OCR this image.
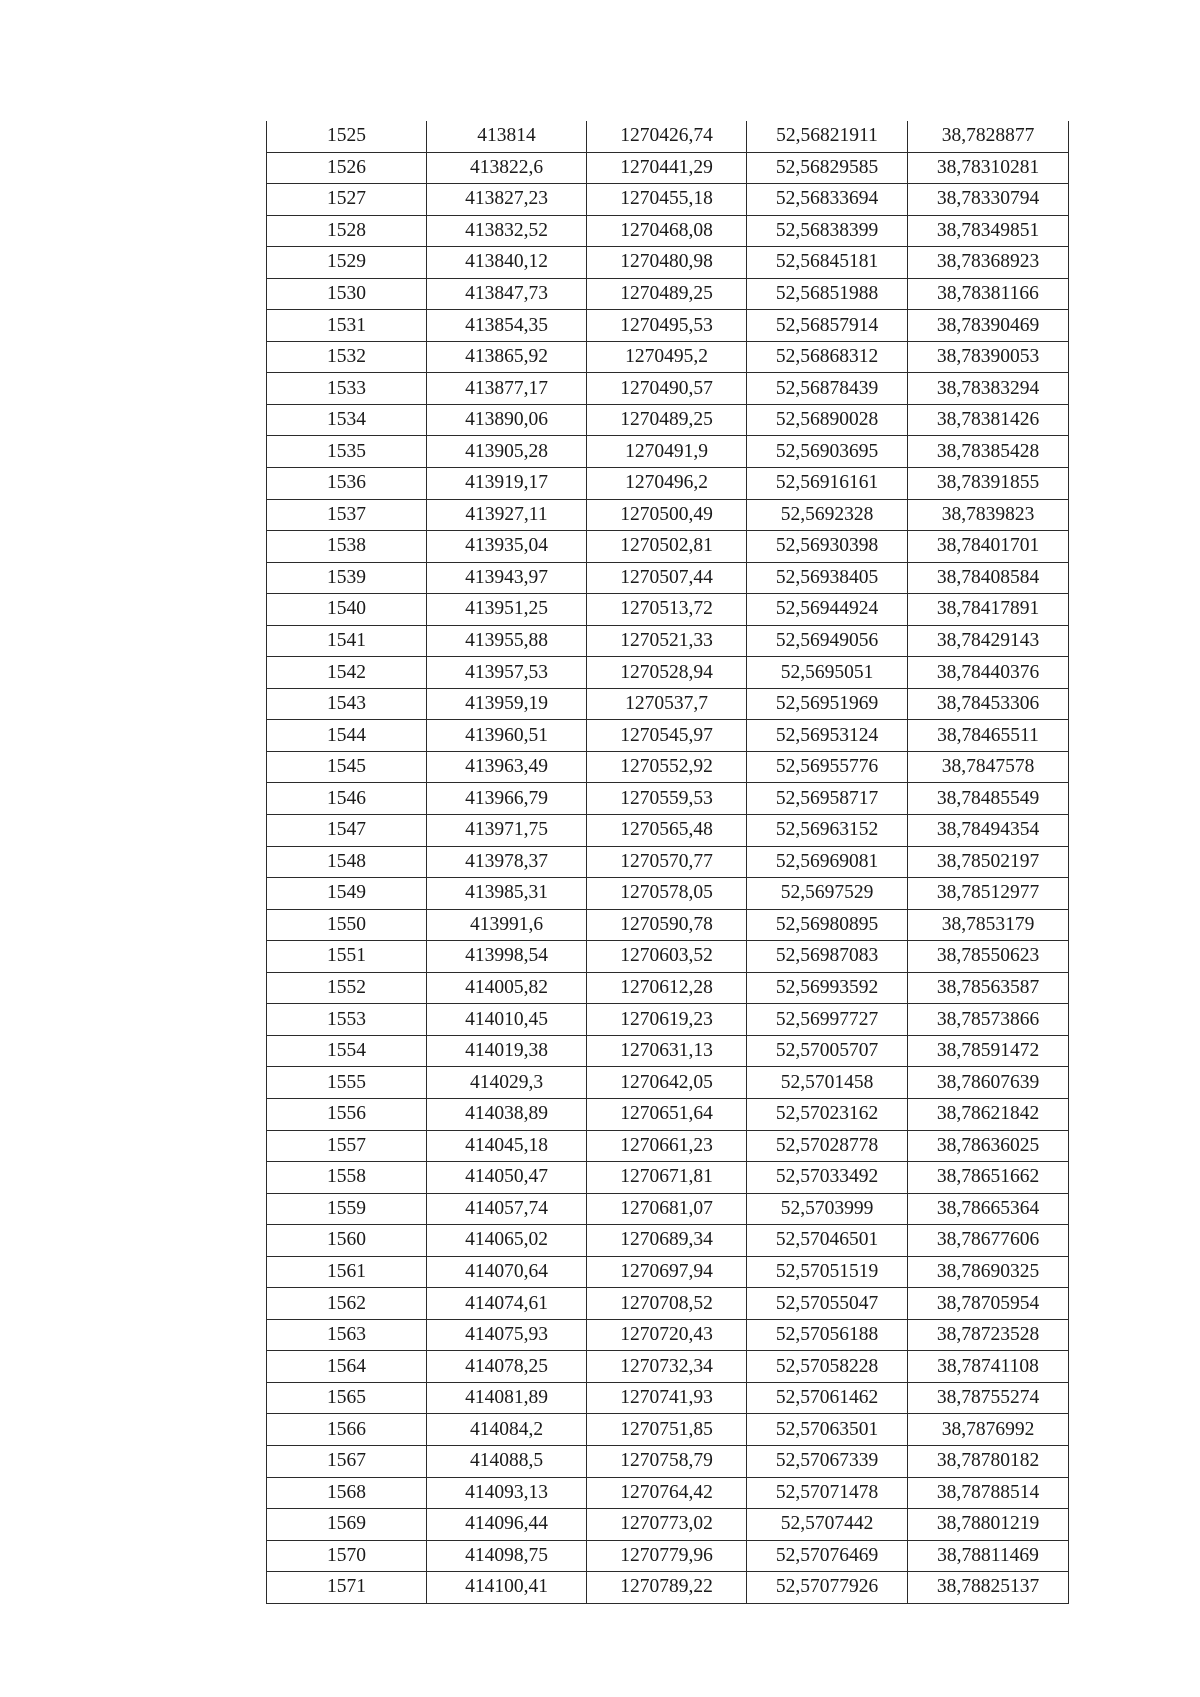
1525	413814	1270426,74	52,56821911	38,7828877
1526	413822,6	1270441,29	52,56829585	38,78310281
1527	413827,23	1270455,18	52,56833694	38,78330794
1528	413832,52	1270468,08	52,56838399	38,78349851
1529	413840,12	1270480,98	52,56845181	38,78368923
1530	413847,73	1270489,25	52,56851988	38,78381166
1531	413854,35	1270495,53	52,56857914	38,78390469
1532	413865,92	1270495,2	52,56868312	38,78390053
1533	413877,17	1270490,57	52,56878439	38,78383294
1534	413890,06	1270489,25	52,56890028	38,78381426
1535	413905,28	1270491,9	52,56903695	38,78385428
1536	413919,17	1270496,2	52,56916161	38,78391855
1537	413927,11	1270500,49	52,5692328	38,7839823
1538	413935,04	1270502,81	52,56930398	38,78401701
1539	413943,97	1270507,44	52,56938405	38,78408584
1540	413951,25	1270513,72	52,56944924	38,78417891
1541	413955,88	1270521,33	52,56949056	38,78429143
1542	413957,53	1270528,94	52,5695051	38,78440376
1543	413959,19	1270537,7	52,56951969	38,78453306
1544	413960,51	1270545,97	52,56953124	38,78465511
1545	413963,49	1270552,92	52,56955776	38,7847578
1546	413966,79	1270559,53	52,56958717	38,78485549
1547	413971,75	1270565,48	52,56963152	38,78494354
1548	413978,37	1270570,77	52,56969081	38,78502197
1549	413985,31	1270578,05	52,5697529	38,78512977
1550	413991,6	1270590,78	52,56980895	38,7853179
1551	413998,54	1270603,52	52,56987083	38,78550623
1552	414005,82	1270612,28	52,56993592	38,78563587
1553	414010,45	1270619,23	52,56997727	38,78573866
1554	414019,38	1270631,13	52,57005707	38,78591472
1555	414029,3	1270642,05	52,5701458	38,78607639
1556	414038,89	1270651,64	52,57023162	38,78621842
1557	414045,18	1270661,23	52,57028778	38,78636025
1558	414050,47	1270671,81	52,57033492	38,78651662
1559	414057,74	1270681,07	52,5703999	38,78665364
1560	414065,02	1270689,34	52,57046501	38,78677606
1561	414070,64	1270697,94	52,57051519	38,78690325
1562	414074,61	1270708,52	52,57055047	38,78705954
1563	414075,93	1270720,43	52,57056188	38,78723528
1564	414078,25	1270732,34	52,57058228	38,78741108
1565	414081,89	1270741,93	52,57061462	38,78755274
1566	414084,2	1270751,85	52,57063501	38,7876992
1567	414088,5	1270758,79	52,57067339	38,78780182
1568	414093,13	1270764,42	52,57071478	38,78788514
1569	414096,44	1270773,02	52,5707442	38,78801219
1570	414098,75	1270779,96	52,57076469	38,78811469
1571	414100,41	1270789,22	52,57077926	38,78825137
